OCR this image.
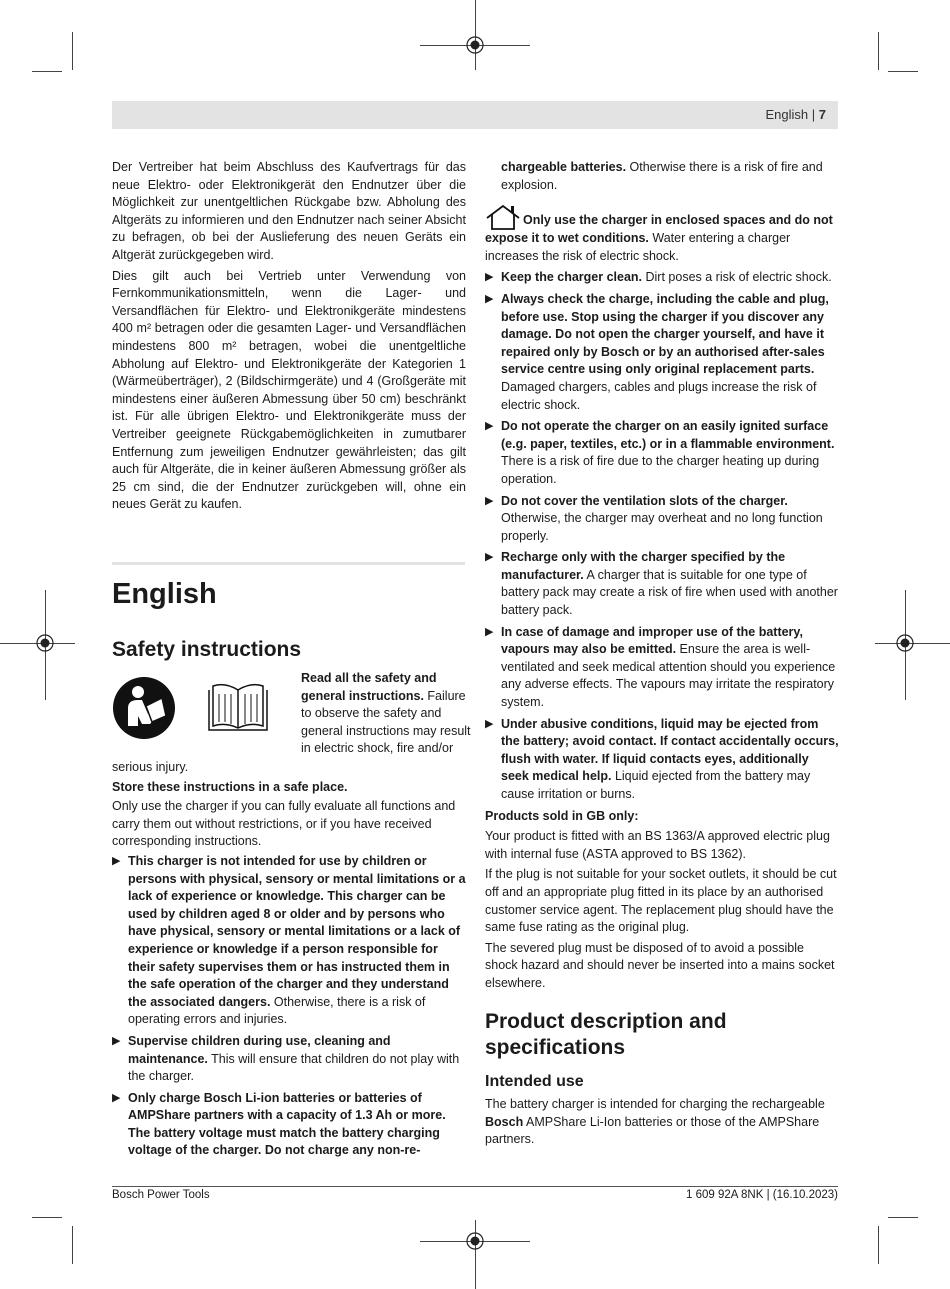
English | 7

Der Vertreiber hat beim Abschluss des Kaufvertrags für das neue Elektro- oder Elektronikgerät den Endnutzer über die Möglichkeit zur unentgeltlichen Rückgabe bzw. Abholung des Altgeräts zu informieren und den Endnutzer nach seiner Absicht zu befragen, ob bei der Auslieferung des neuen Geräts ein Altgerät zurückgegeben wird.

Dies gilt auch bei Vertrieb unter Verwendung von Fernkommunikationsmitteln, wenn die Lager- und Versandflächen für Elektro- und Elektronikgeräte mindestens 400 m² betragen oder die gesamten Lager- und Versandflächen mindestens 800 m² betragen, wobei die unentgeltliche Abholung auf Elektro- und Elektronikgeräte der Kategorien 1 (Wärmeüberträger), 2 (Bildschirmgeräte) und 4 (Großgeräte mit mindestens einer äußeren Abmessung über 50 cm) beschränkt ist. Für alle übrigen Elektro- und Elektronikgeräte muss der Vertreiber geeignete Rückgabemöglichkeiten in zumutbarer Entfernung zum jeweiligen Endnutzer gewährleisten; das gilt auch für Altgeräte, die in keiner äußeren Abmessung größer als 25 cm sind, die der Endnutzer zurückgeben will, ohne ein neues Gerät zu kaufen.

English
Safety instructions
Read all the safety and general instructions. Failure to observe the safety and general instructions may result in electric shock, fire and/or

serious injury.

Store these instructions in a safe place.

Only use the charger if you can fully evaluate all functions and carry them out without restrictions, or if you have received corresponding instructions.

▶ This charger is not intended for use by children or persons with physical, sensory or mental limitations or a lack of experience or knowledge. This charger can be used by children aged 8 or older and by persons who have physical, sensory or mental limitations or a lack of experience or knowledge if a person responsible for their safety supervises them or has instructed them in the safe operation of the charger and they understand the associated dangers. Otherwise, there is a risk of operating errors and injuries.
▶ Supervise children during use, cleaning and maintenance. This will ensure that children do not play with the charger.
▶ Only charge Bosch Li-ion batteries or batteries of AMPShare partners with a capacity of 1.3 Ah or more. The battery voltage must match the battery charging voltage of the charger. Do not charge any non-re-
chargeable batteries. Otherwise there is a risk of fire and explosion.
Only use the charger in enclosed spaces and do not expose it to wet conditions. Water entering a charger increases the risk of electric shock.
▶ Keep the charger clean. Dirt poses a risk of electric shock.
▶ Always check the charge, including the cable and plug, before use. Stop using the charger if you discover any damage. Do not open the charger yourself, and have it repaired only by Bosch or by an authorised after-sales service centre using only original replacement parts. Damaged chargers, cables and plugs increase the risk of electric shock.
▶ Do not operate the charger on an easily ignited surface (e.g. paper, textiles, etc.) or in a flammable environment. There is a risk of fire due to the charger heating up during operation.
▶ Do not cover the ventilation slots of the charger. Otherwise, the charger may overheat and no long function properly.
▶ Recharge only with the charger specified by the manufacturer. A charger that is suitable for one type of battery pack may create a risk of fire when used with another battery pack.
▶ In case of damage and improper use of the battery, vapours may also be emitted. Ensure the area is well-ventilated and seek medical attention should you experience any adverse effects. The vapours may irritate the respiratory system.
▶ Under abusive conditions, liquid may be ejected from the battery; avoid contact. If contact accidentally occurs, flush with water. If liquid contacts eyes, additionally seek medical help. Liquid ejected from the battery may cause irritation or burns.

Products sold in GB only:

Your product is fitted with an BS 1363/A approved electric plug with internal fuse (ASTA approved to BS 1362).

If the plug is not suitable for your socket outlets, it should be cut off and an appropriate plug fitted in its place by an authorised customer service agent. The replacement plug should have the same fuse rating as the original plug.

The severed plug must be disposed of to avoid a possible shock hazard and should never be inserted into a mains socket elsewhere.

Product description and specifications
Intended use

The battery charger is intended for charging the rechargeable Bosch AMPShare Li-Ion batteries or those of the AMPShare partners.

Bosch Power Tools	1 609 92A 8NK | (16.10.2023)
